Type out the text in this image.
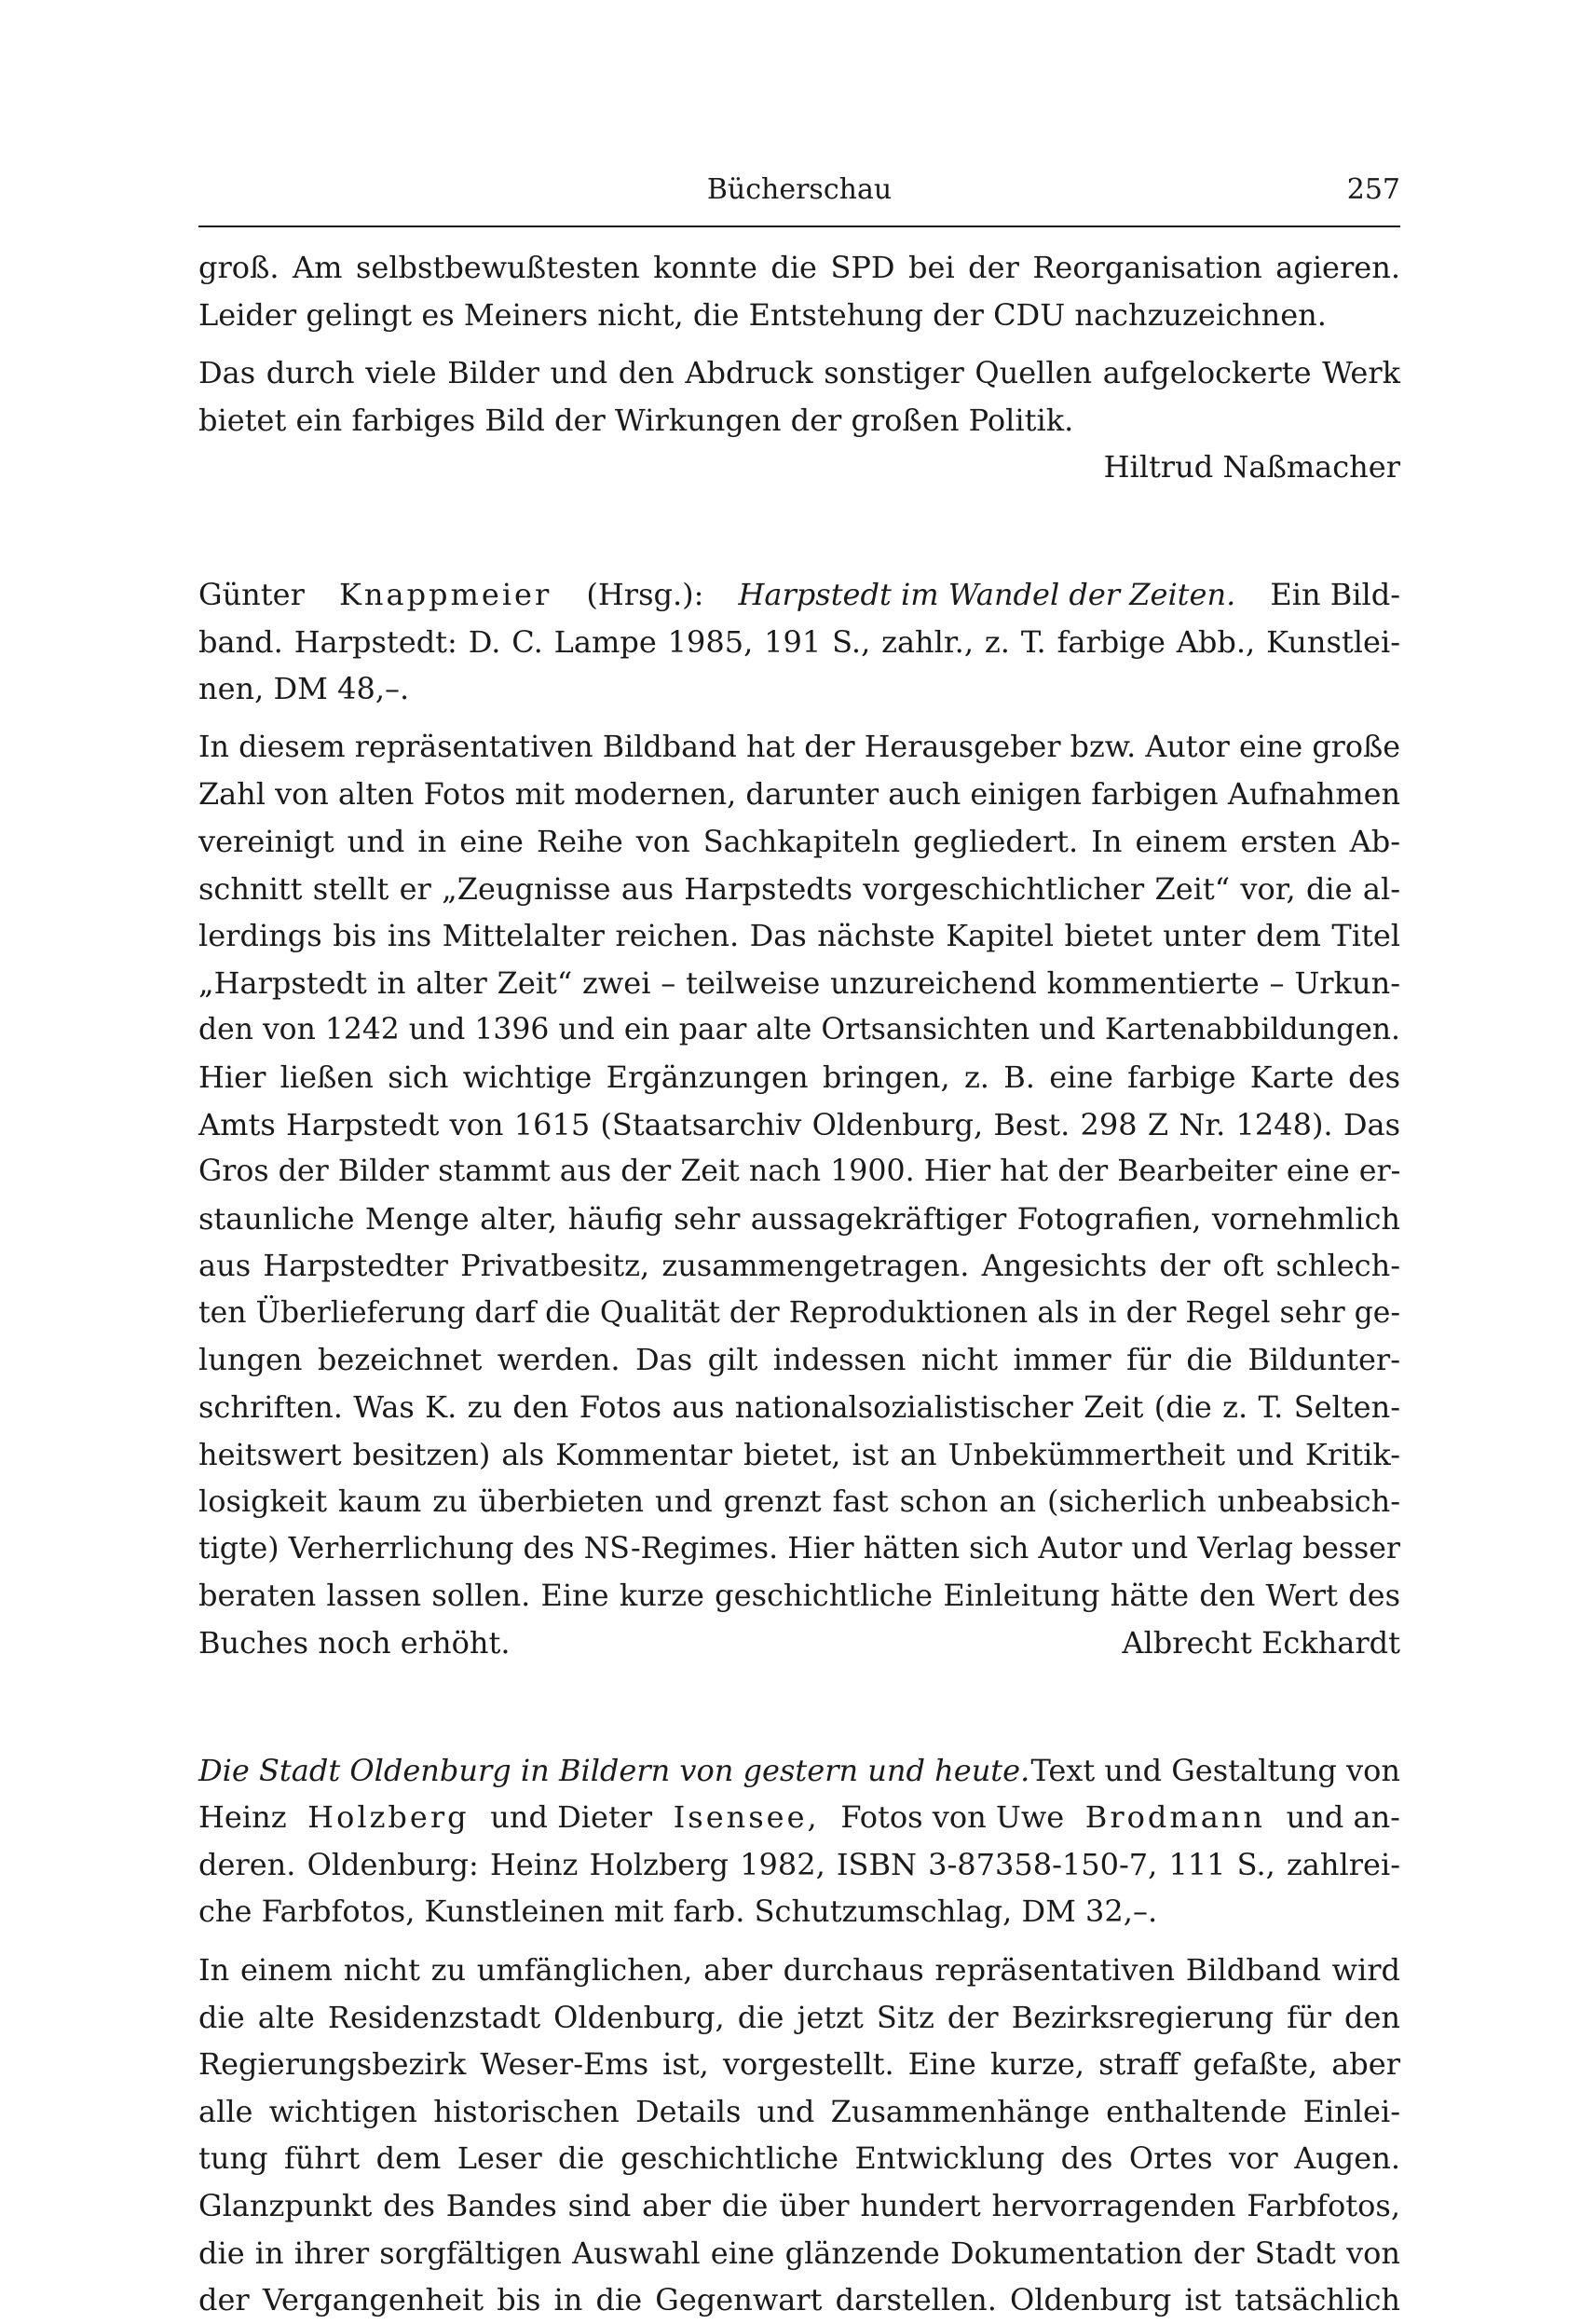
Bücherschau	257
groß. Am selbstbewußtesten konnte die SPD bei der Reorganisation agieren.
Leider gelingt es Meiners nicht, die Entstehung der CDU nachzuzeichnen.
Das durch viele Bilder und den Abdruck sonstiger Quellen aufgelockerte Werk
bietet ein farbiges Bild der Wirkungen der großen Politik.
Hiltrud Naßmacher
Günter Knappmeier (Hrsg.): Harpstedt im Wandel der Zeiten. Ein Bild-
band. Harpstedt: D. C. Lampe 1985, 191 S., zahlr., z. T. farbige Abb., Kunstlei-
nen, DM 48,–.
In diesem repräsentativen Bildband hat der Herausgeber bzw. Autor eine große
Zahl von alten Fotos mit modernen, darunter auch einigen farbigen Aufnahmen
vereinigt und in eine Reihe von Sachkapiteln gegliedert. In einem ersten Ab-
schnitt stellt er „Zeugnisse aus Harpstedts vorgeschichtlicher Zeit“ vor, die al-
lerdings bis ins Mittelalter reichen. Das nächste Kapitel bietet unter dem Titel
„Harpstedt in alter Zeit“ zwei – teilweise unzureichend kommentierte – Urkun-
den von 1242 und 1396 und ein paar alte Ortsansichten und Kartenabbildungen.
Hier ließen sich wichtige Ergänzungen bringen, z. B. eine farbige Karte des
Amts Harpstedt von 1615 (Staatsarchiv Oldenburg, Best. 298 Z Nr. 1248). Das
Gros der Bilder stammt aus der Zeit nach 1900. Hier hat der Bearbeiter eine er-
staunliche Menge alter, häufig sehr aussagekräftiger Fotografien, vornehmlich
aus Harpstedter Privatbesitz, zusammengetragen. Angesichts der oft schlech-
ten Überlieferung darf die Qualität der Reproduktionen als in der Regel sehr ge-
lungen bezeichnet werden. Das gilt indessen nicht immer für die Bildunter-
schriften. Was K. zu den Fotos aus nationalsozialistischer Zeit (die z. T. Selten-
heitswert besitzen) als Kommentar bietet, ist an Unbekümmertheit und Kritik-
losigkeit kaum zu überbieten und grenzt fast schon an (sicherlich unbeabsich-
tigte) Verherrlichung des NS-Regimes. Hier hätten sich Autor und Verlag besser
beraten lassen sollen. Eine kurze geschichtliche Einleitung hätte den Wert des
Buches noch erhöht.	Albrecht Eckhardt
Die Stadt Oldenburg in Bildern von gestern und heute. Text und Gestaltung von
Heinz Holzberg und Dieter Isensee, Fotos von Uwe Brodmann und an-
deren. Oldenburg: Heinz Holzberg 1982, ISBN 3-87358-150-7, 111 S., zahlrei-
che Farbfotos, Kunstleinen mit farb. Schutzumschlag, DM 32,–.
In einem nicht zu umfänglichen, aber durchaus repräsentativen Bildband wird
die alte Residenzstadt Oldenburg, die jetzt Sitz der Bezirksregierung für den
Regierungsbezirk Weser-Ems ist, vorgestellt. Eine kurze, straff gefaßte, aber
alle wichtigen historischen Details und Zusammenhänge enthaltende Einlei-
tung führt dem Leser die geschichtliche Entwicklung des Ortes vor Augen.
Glanzpunkt des Bandes sind aber die über hundert hervorragenden Farbfotos,
die in ihrer sorgfältigen Auswahl eine glänzende Dokumentation der Stadt von
der Vergangenheit bis in die Gegenwart darstellen. Oldenburg ist tatsächlich
